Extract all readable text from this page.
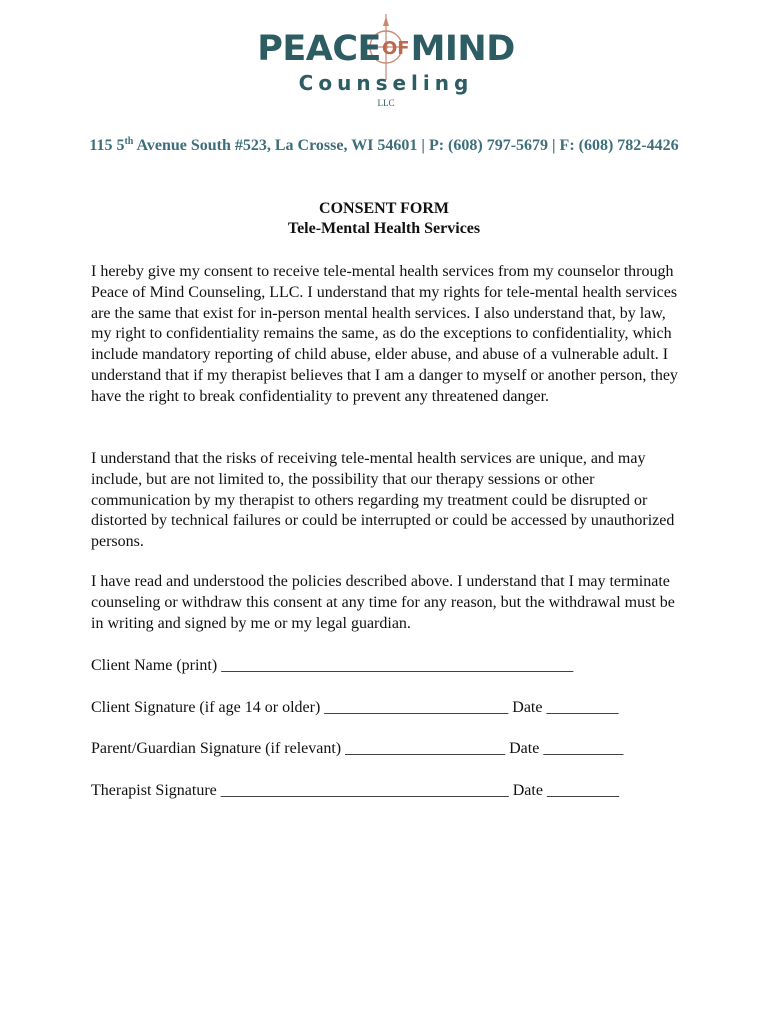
PEACEOFMIND
Counseling
LLC
115 5th Avenue South #523, La Crosse, WI 54601 | P: (608) 797-5679 | F: (608) 782-4426
CONSENT FORM
Tele-Mental Health Services

I hereby give my consent to receive tele-mental health services from my counselor through Peace of Mind Counseling, LLC. I understand that my rights for tele-mental health services are the same that exist for in-person mental health services. I also understand that, by law, my right to confidentiality remains the same, as do the exceptions to confidentiality, which include mandatory reporting of child abuse, elder abuse, and abuse of a vulnerable adult. I understand that if my therapist believes that I am a danger to myself or another person, they have the right to break confidentiality to prevent any threatened danger.

I understand that the risks of receiving tele-mental health services are unique, and may include, but are not limited to, the possibility that our therapy sessions or other communication by my therapist to others regarding my treatment could be disrupted or distorted by technical failures or could be interrupted or could be accessed by unauthorized persons.

I have read and understood the policies described above. I understand that I may terminate counseling or withdraw this consent at any time for any reason, but the withdrawal must be in writing and signed by me or my legal guardian.

Client Name (print) ____________________________________________
Client Signature (if age 14 or older) _______________________ Date _________
Parent/Guardian Signature (if relevant) ____________________ Date __________
Therapist Signature ____________________________________ Date _________
